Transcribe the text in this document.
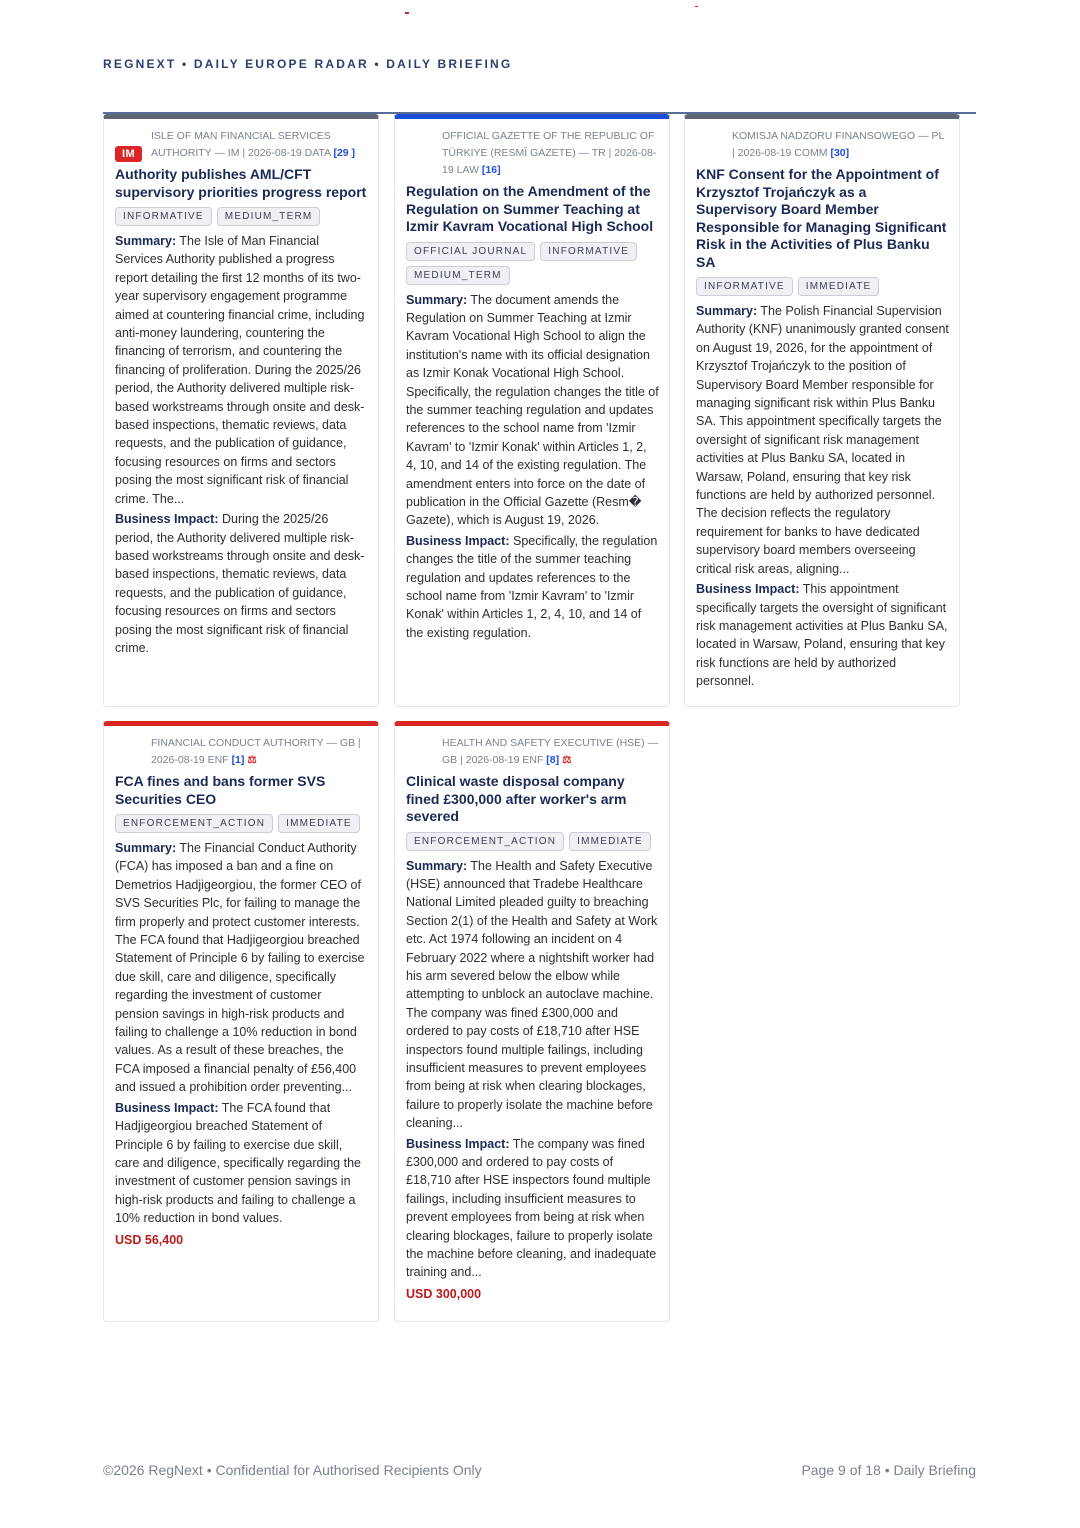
REGNEXT • DAILY EUROPE RADAR • DAILY BRIEFING
IM
ISLE OF MAN FINANCIAL SERVICES AUTHORITY — IM | 2026-08-19 DATA [29 ]
Authority publishes AML/CFT supervisory priorities progress report
INFORMATIVE MEDIUM_TERM
Summary: The Isle of Man Financial Services Authority published a progress report detailing the first 12 months of its two-year supervisory engagement programme aimed at countering financial crime, including anti-money laundering, countering the financing of terrorism, and countering the financing of proliferation. During the 2025/26 period, the Authority delivered multiple risk-based workstreams through onsite and desk-based inspections, thematic reviews, data requests, and the publication of guidance, focusing resources on firms and sectors posing the most significant risk of financial crime. The...
Business Impact: During the 2025/26 period, the Authority delivered multiple risk-based workstreams through onsite and desk-based inspections, thematic reviews, data requests, and the publication of guidance, focusing resources on firms and sectors posing the most significant risk of financial crime.
OFFICIAL GAZETTE OF THE REPUBLIC OF TÜRKIYE (RESMÎ GAZETE) — TR | 2026-08-19 LAW [16]
Regulation on the Amendment of the Regulation on Summer Teaching at Izmir Kavram Vocational High School
OFFICIAL JOURNAL INFORMATIVEMEDIUM_TERM
Summary: The document amends the Regulation on Summer Teaching at Izmir Kavram Vocational High School to align the institution's name with its official designation as Izmir Konak Vocational High School. Specifically, the regulation changes the title of the summer teaching regulation and updates references to the school name from 'Izmir Kavram' to 'Izmir Konak' within Articles 1, 2, 4, 10, and 14 of the existing regulation. The amendment enters into force on the date of publication in the Official Gazette (Resm� Gazete), which is August 19, 2026.
Business Impact: Specifically, the regulation changes the title of the summer teaching regulation and updates references to the school name from 'Izmir Kavram' to 'Izmir Konak' within Articles 1, 2, 4, 10, and 14 of the existing regulation.
KOMISJA NADZORU FINANSOWEGO — PL | 2026-08-19 COMM [30]
KNF Consent for the Appointment of Krzysztof Trojańczyk as a Supervisory Board Member Responsible for Managing Significant Risk in the Activities of Plus Banku SA
INFORMATIVE IMMEDIATE
Summary: The Polish Financial Supervision Authority (KNF) unanimously granted consent on August 19, 2026, for the appointment of Krzysztof Trojańczyk to the position of Supervisory Board Member responsible for managing significant risk within Plus Banku SA. This appointment specifically targets the oversight of significant risk management activities at Plus Banku SA, located in Warsaw, Poland, ensuring that key risk functions are held by authorized personnel. The decision reflects the regulatory requirement for banks to have dedicated supervisory board members overseeing critical risk areas, aligning...
Business Impact: This appointment specifically targets the oversight of significant risk management activities at Plus Banku SA, located in Warsaw, Poland, ensuring that key risk functions are held by authorized personnel.
FINANCIAL CONDUCT AUTHORITY — GB | 2026-08-19 ENF [1] ⚖
FCA fines and bans former SVS Securities CEO
ENFORCEMENT_ACTION IMMEDIATE
Summary: The Financial Conduct Authority (FCA) has imposed a ban and a fine on Demetrios Hadjigeorgiou, the former CEO of SVS Securities Plc, for failing to manage the firm properly and protect customer interests. The FCA found that Hadjigeorgiou breached Statement of Principle 6 by failing to exercise due skill, care and diligence, specifically regarding the investment of customer pension savings in high-risk products and failing to challenge a 10% reduction in bond values. As a result of these breaches, the FCA imposed a financial penalty of £56,400 and issued a prohibition order preventing...
Business Impact: The FCA found that Hadjigeorgiou breached Statement of Principle 6 by failing to exercise due skill, care and diligence, specifically regarding the investment of customer pension savings in high-risk products and failing to challenge a 10% reduction in bond values.
USD 56,400
HEALTH AND SAFETY EXECUTIVE (HSE) — GB | 2026-08-19 ENF [8] ⚖
Clinical waste disposal company fined £300,000 after worker's arm severed
ENFORCEMENT_ACTION IMMEDIATE
Summary: The Health and Safety Executive (HSE) announced that Tradebe Healthcare National Limited pleaded guilty to breaching Section 2(1) of the Health and Safety at Work etc. Act 1974 following an incident on 4 February 2022 where a nightshift worker had his arm severed below the elbow while attempting to unblock an autoclave machine. The company was fined £300,000 and ordered to pay costs of £18,710 after HSE inspectors found multiple failings, including insufficient measures to prevent employees from being at risk when clearing blockages, failure to properly isolate the machine before cleaning...
Business Impact: The company was fined £300,000 and ordered to pay costs of £18,710 after HSE inspectors found multiple failings, including insufficient measures to prevent employees from being at risk when clearing blockages, failure to properly isolate the machine before cleaning, and inadequate training and...
USD 300,000
©2026 RegNext • Confidential for Authorised Recipients Only	Page 9 of 18 • Daily Briefing
